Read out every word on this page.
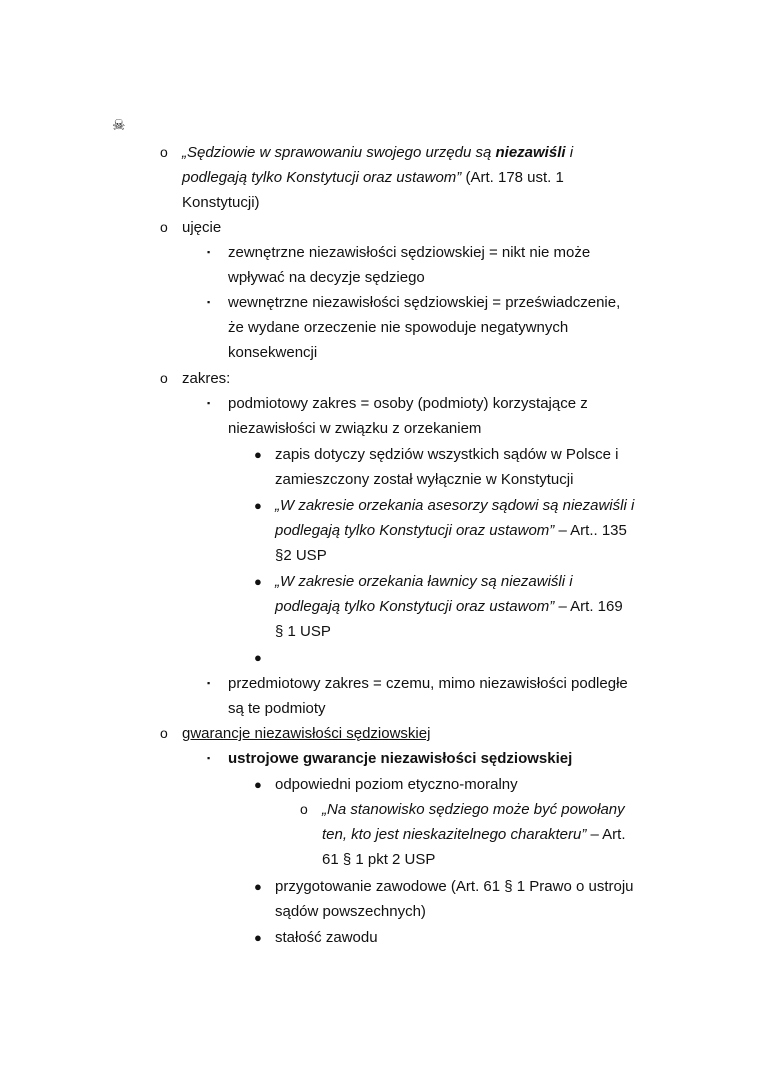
☠
o „Sędziowie w sprawowaniu swojego urzędu są niezawiśli i

podlegają tylko Konstytucji oraz ustawom” (Art. 178 ust. 1

Konstytucji)

o ujęcie

▪ zewnętrzne niezawisłości sędziowskiej = nikt nie może

wpływać na decyzje sędziego

▪ wewnętrzne niezawisłości sędziowskiej = przeświadczenie,

że wydane orzeczenie nie spowoduje negatywnych

konsekwencji

o zakres:

▪ podmiotowy zakres = osoby (podmioty) korzystające z

niezawisłości w związku z orzekaniem

● zapis dotyczy sędziów wszystkich sądów w Polsce i

zamieszczony został wyłącznie w Konstytucji

● „W zakresie orzekania asesorzy sądowi są niezawiśli i

podlegają tylko Konstytucji oraz ustawom” – Art.. 135

§2 USP

● „W zakresie orzekania ławnicy są niezawiśli i

podlegają tylko Konstytucji oraz ustawom” – Art. 169

§ 1 USP

●
▪ przedmiotowy zakres = czemu, mimo niezawisłości podległe

są te podmioty

o gwarancje niezawisłości sędziowskiej

▪ ustrojowe gwarancje niezawisłości sędziowskiej

● odpowiedni poziom etyczno-moralny

o „Na stanowisko sędziego może być powołany

ten, kto jest nieskazitelnego charakteru” – Art.

61 § 1 pkt 2 USP

● przygotowanie zawodowe (Art. 61 § 1 Prawo o ustroju

sądów powszechnych)

● stałość zawodu
